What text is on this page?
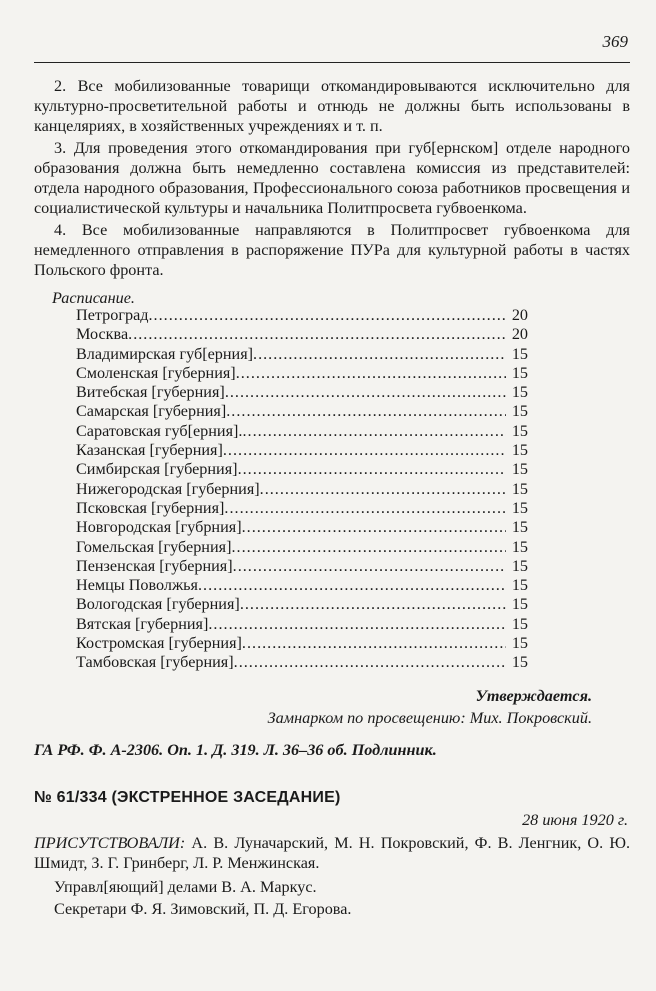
369

2. Все мобилизованные товарищи откомандировываются исключительно для культурно-просветительной работы и отнюдь не должны быть использованы в канцеляриях, в хозяйственных учреждениях и т. п.

3. Для проведения этого откомандирования при губ[ернском] отделе народного образования должна быть немедленно составлена комиссия из представителей: отдела народного образования, Профессионального союза работников просвещения и социалистической культуры и начальника Политпросвета губвоенкома.

4. Все мобилизованные направляются в Политпросвет губвоенкома для немедленного отправления в распоряжение ПУРа для культурной работы в частях Польского фронта.

Расписание.
Петроград .....	20
Москва .....	20
Владимирская губ[ерния] .....	15
Смоленская [губерния] .....	15
Витебская [губерния] .....	15
Самарская [губерния] .....	15
Саратовская губ[ерния]. .....	15
Казанская [губерния] .....	15
Симбирская [губерния] .....	15
Нижегородская [губерния] .....	15
Псковская [губерния] .....	15
Новгородская [губрния] .....	15
Гомельская [губерния] .....	15
Пензенская [губерния] .....	15
Немцы Поволжья .....	15
Вологодская [губерния] .....	15
Вятская [губерния] .....	15
Костромская [губерния] .....	15
Тамбовская [губерния] .....	15
Утверждается.
Замнарком по просвещению: Мих. Покровский.
ГА РФ. Ф. А-2306. Оп. 1. Д. 319. Л. 36–36 об. Подлинник.
№ 61/334 (ЭКСТРЕННОЕ ЗАСЕДАНИЕ)
28 июня 1920 г.
ПРИСУТСТВОВАЛИ: А. В. Луначарский, М. Н. Покровский, Ф. В. Ленгник, О. Ю. Шмидт, З. Г. Гринберг, Л. Р. Менжинская.
Управл[яющий] делами В. А. Маркус.
Секретари Ф. Я. Зимовский, П. Д. Егорова.
